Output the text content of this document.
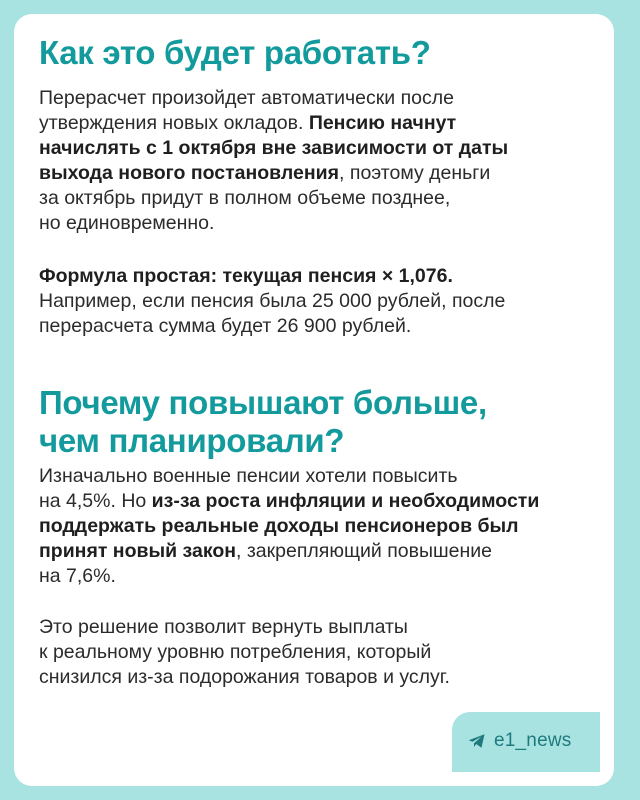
Как это будет работать?
Перерасчет произойдет автоматически после
утверждения новых окладов. Пенсию начнут
начислять с 1 октября вне зависимости от даты
выхода нового постановления, поэтому деньги
за октябрь придут в полном объеме позднее,
но единовременно.
Формула простая: текущая пенсия × 1,076.
Например, если пенсия была 25 000 рублей, после
перерасчета сумма будет 26 900 рублей.
Почему повышают больше,
чем планировали?
Изначально военные пенсии хотели повысить
на 4,5%. Но из-за роста инфляции и необходимости
поддержать реальные доходы пенсионеров был
принят новый закон, закрепляющий повышение
на 7,6%.
Это решение позволит вернуть выплаты
к реальному уровню потребления, который
снизился из-за подорожания товаров и услуг.
e1_news
